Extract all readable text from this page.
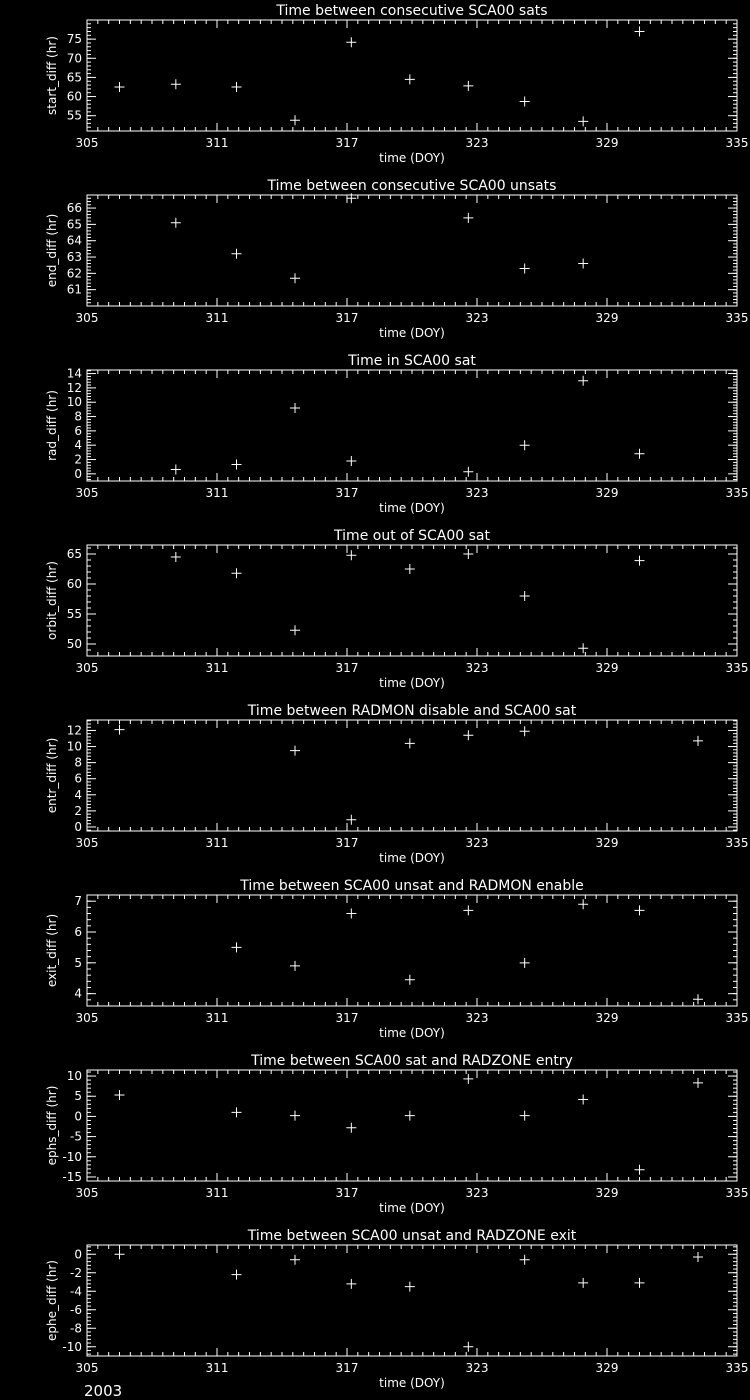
Time between consecutive SCA00 sats
305	311	317	323	329	335
time (DOY)
55
60
65
70
75
start_diff (hr)
Time between consecutive SCA00 unsats
305	311	317	323	329	335
time (DOY)
61
62
63
64
65
66
end_diff (hr)
Time in SCA00 sat
305	311	317	323	329	335
time (DOY)
0
2
4
6
8
10
12
14
rad_diff (hr)
Time out of SCA00 sat
305	311	317	323	329	335
time (DOY)
50
55
60
65
orbit_diff (hr)
Time between RADMON disable and SCA00 sat
305	311	317	323	329	335
time (DOY)
0
2
4
6
8
10
12
entr_diff (hr)
Time between SCA00 unsat and RADMON enable
305	311	317	323	329	335
time (DOY)
4
5
6
7
exit_diff (hr)
Time between SCA00 sat and RADZONE entry
305	311	317	323	329	335
time (DOY)
-15
-10
-5
0
5
10
ephs_diff (hr)
Time between SCA00 unsat and RADZONE exit
305	311	317	323	329	335
time (DOY)
-10
-8
-6
-4
-2
0
ephe_diff (hr)
2003
